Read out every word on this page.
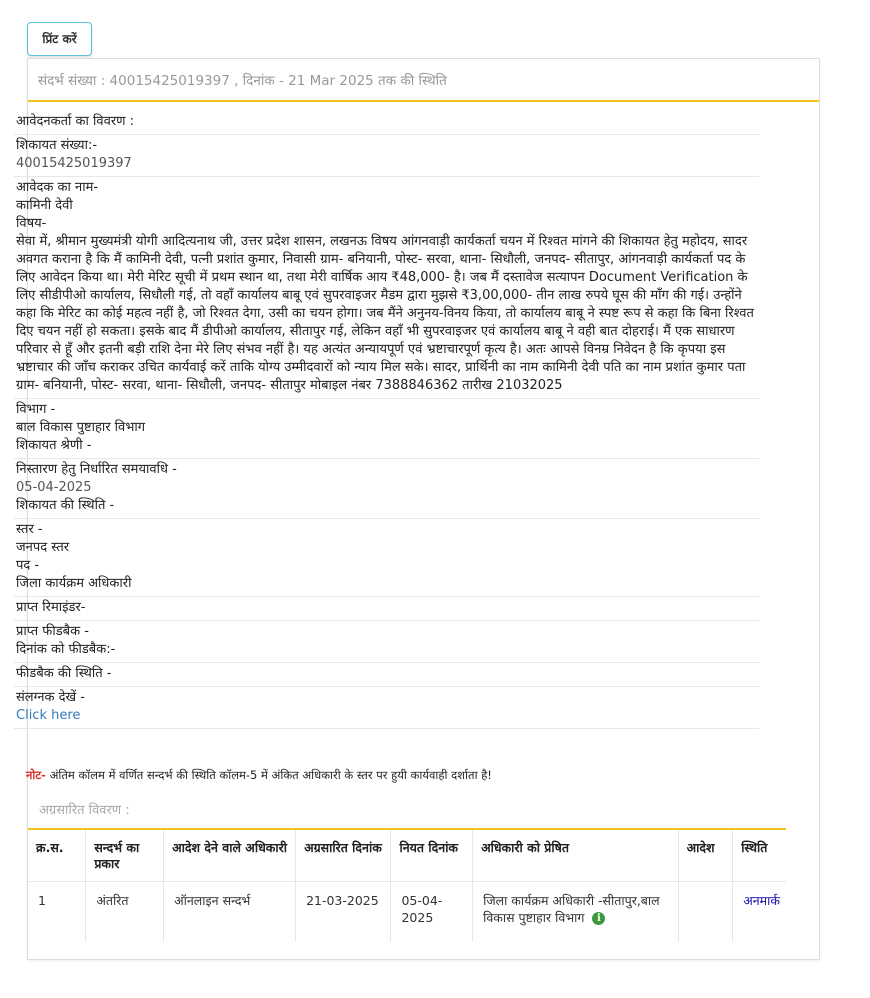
प्रिंट करें
संदर्भ संख्या : 40015425019397 , दिनांक - 21 Mar 2025 तक की स्थिति
आवेदनकर्ता का विवरण :
शिकायत संख्या:-
40015425019397
आवेदक का नाम-
कामिनी देवी
विषय-
सेवा में, श्रीमान मुख्यमंत्री योगी आदित्यनाथ जी, उत्तर प्रदेश शासन, लखनऊ विषय आंगनवाड़ी कार्यकर्ता चयन में रिश्वत मांगने की शिकायत हेतु महोदय, सादर अवगत कराना है कि मैं कामिनी देवी, पत्नी प्रशांत कुमार, निवासी ग्राम- बनियानी, पोस्ट- सरवा, थाना- सिधौली, जनपद- सीतापुर, आंगनवाड़ी कार्यकर्ता पद के लिए आवेदन किया था। मेरी मेरिट सूची में प्रथम स्थान था, तथा मेरी वार्षिक आय ₹48,000- है। जब मैं दस्तावेज सत्यापन Document Verification के लिए सीडीपीओ कार्यालय, सिधौली गई, तो वहाँ कार्यालय बाबू एवं सुपरवाइजर मैडम द्वारा मुझसे ₹3,00,000- तीन लाख रुपये घूस की माँग की गई। उन्होंने कहा कि मेरिट का कोई महत्व नहीं है, जो रिश्वत देगा, उसी का चयन होगा। जब मैंने अनुनय-विनय किया, तो कार्यालय बाबू ने स्पष्ट रूप से कहा कि बिना रिश्वत दिए चयन नहीं हो सकता। इसके बाद मैं डीपीओ कार्यालय, सीतापुर गई, लेकिन वहाँ भी सुपरवाइजर एवं कार्यालय बाबू ने वही बात दोहराई। मैं एक साधारण परिवार से हूँ और इतनी बड़ी राशि देना मेरे लिए संभव नहीं है। यह अत्यंत अन्यायपूर्ण एवं भ्रष्टाचारपूर्ण कृत्य है। अतः आपसे विनम्र निवेदन है कि कृपया इस भ्रष्टाचार की जाँच कराकर उचित कार्यवाई करें ताकि योग्य उम्मीदवारों को न्याय मिल सके। सादर, प्रार्थिनी का नाम कामिनी देवी पति का नाम प्रशांत कुमार पता ग्राम- बनियानी, पोस्ट- सरवा, थाना- सिधौली, जनपद- सीतापुर मोबाइल नंबर 7388846362 तारीख 21032025
विभाग -
बाल विकास पुष्टाहार विभाग
शिकायत श्रेणी -
निस्तारण हेतु निर्धारित समयावधि -
05-04-2025
शिकायत की स्थिति -
स्तर -
जनपद स्तर
पद -
जिला कार्यक्रम अधिकारी
प्राप्त रिमाइंडर-
प्राप्त फीडबैक -
दिनांक को फीडबैक:-
फीडबैक की स्थिति -
संलग्नक देखें -
Click here
नोट- अंतिम कॉलम में वर्णित सन्दर्भ की स्थिति कॉलम-5 में अंकित अधिकारी के स्तर पर हुयी कार्यवाही दर्शाता है!
अग्रसारित विवरण :
क्र.स.	सन्दर्भ का प्रकार	आदेश देने वाले अधिकारी	अग्रसारित दिनांक	नियत दिनांक	अधिकारी को प्रेषित	आदेश	स्थिति
1	अंतरित	ऑनलाइन सन्दर्भ	21-03-2025	05-04-2025	जिला कार्यक्रम अधिकारी -सीतापुर,बाल विकास पुष्टाहार विभाग i		अनमार्क
